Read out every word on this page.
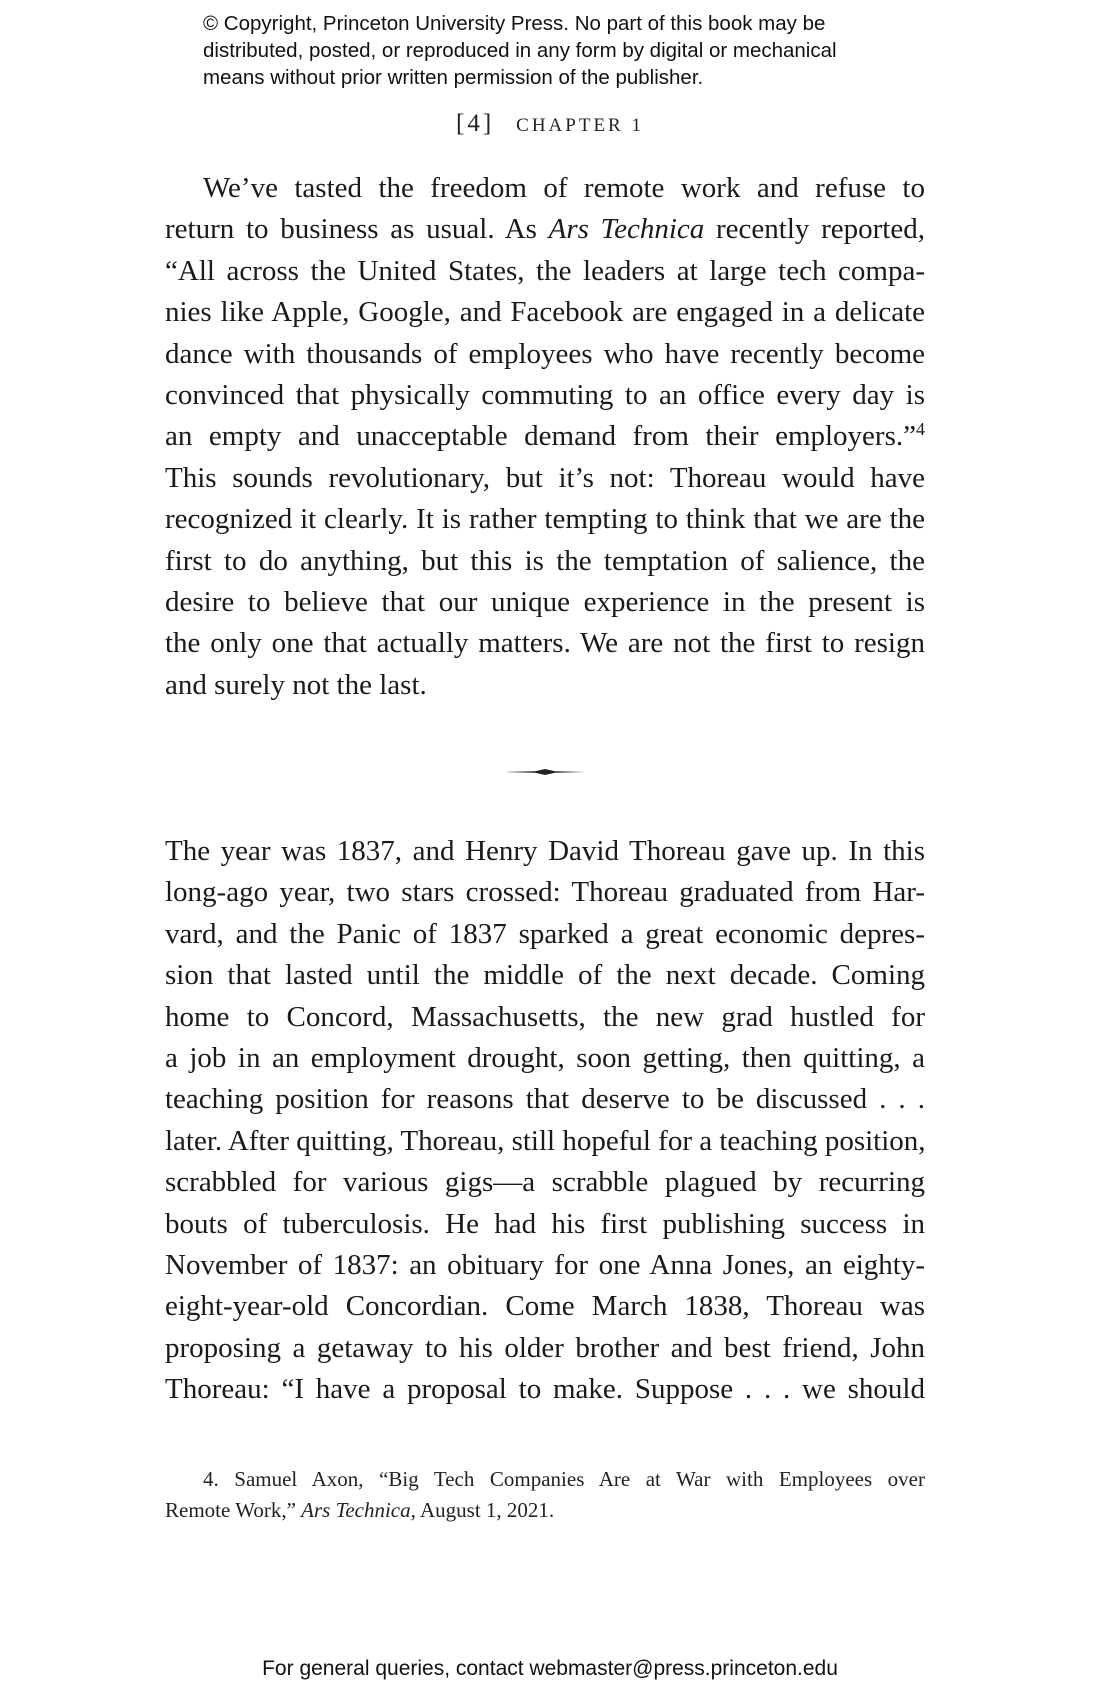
© Copyright, Princeton University Press. No part of this book may be
distributed, posted, or reproduced in any form by digital or mechanical
means without prior written permission of the publisher.
[4] CHAPTER 1
We’ve tasted the freedom of remote work and refuse to
return to business as usual. As Ars Technica recently reported,
“All across the United States, the leaders at large tech compa-
nies like Apple, Google, and Facebook are engaged in a delicate
dance with thousands of employees who have recently become
convinced that physically commuting to an office every day is
an empty and unacceptable demand from their employers.”$^4$
This sounds revolutionary, but it’s not: Thoreau would have
recognized it clearly. It is rather tempting to think that we are the
first to do anything, but this is the temptation of salience, the
desire to believe that our unique experience in the present is
the only one that actually matters. We are not the first to resign
and surely not the last.
The year was 1837, and Henry David Thoreau gave up. In this
long-ago year, two stars crossed: Thoreau graduated from Har-
vard, and the Panic of 1837 sparked a great economic depres-
sion that lasted until the middle of the next decade. Coming
home to Concord, Massachusetts, the new grad hustled for
a job in an employment drought, soon getting, then quitting, a
teaching position for reasons that deserve to be discussed . . .
later. After quitting, Thoreau, still hopeful for a teaching position,
scrabbled for various gigs—a scrabble plagued by recurring
bouts of tuberculosis. He had his first publishing success in
November of 1837: an obituary for one Anna Jones, an eighty-
eight-year-old Concordian. Come March 1838, Thoreau was
proposing a getaway to his older brother and best friend, John
Thoreau: “I have a proposal to make. Suppose . . . we should
4. Samuel Axon, “Big Tech Companies Are at War with Employees over
Remote Work,” Ars Technica, August 1, 2021.
For general queries, contact webmaster@press.princeton.edu
